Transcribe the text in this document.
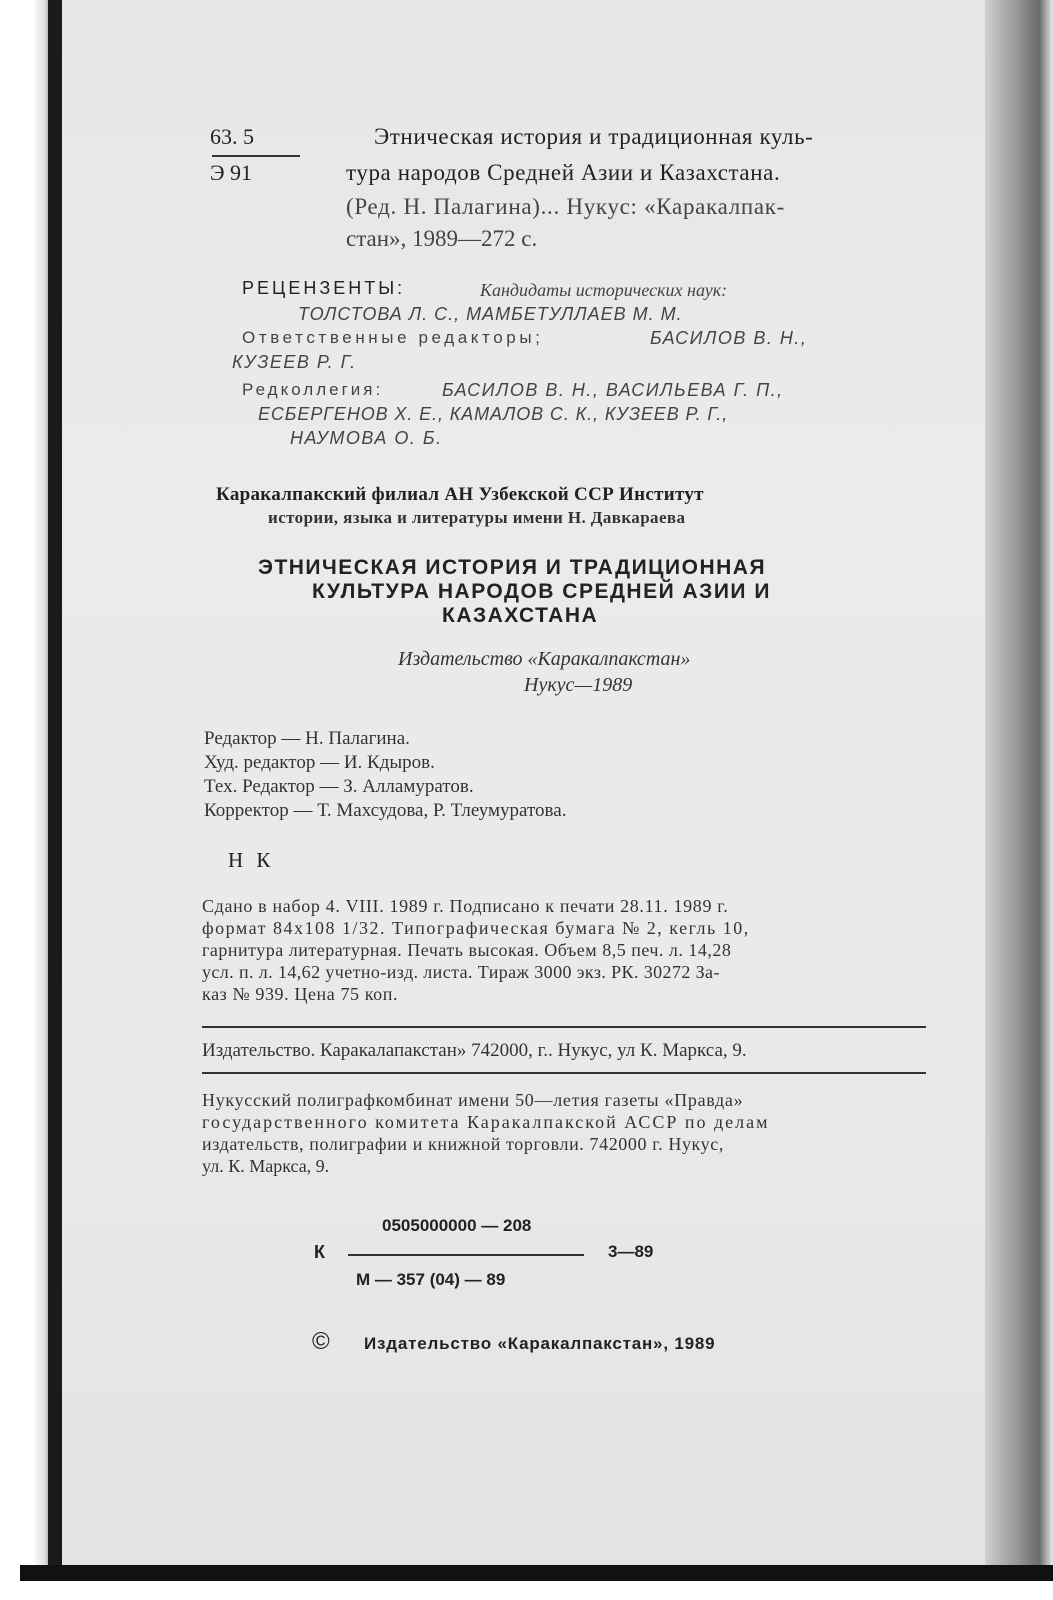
63. 5
Э 91
Этническая история и традиционная куль-
тура народов Средней Азии и Казахстана.
(Ред. Н. Палагина)... Нукус: «Каракалпак-
стан», 1989—272 с.
РЕЦЕНЗЕНТЫ:	Кандидаты исторических наук:
ТОЛСТОВА Л. С., МАМБЕТУЛЛАЕВ М. М.
Ответственные редакторы;	БАСИЛОВ В. Н.,
КУЗЕЕВ Р. Г.
Редколлегия:	БАСИЛОВ В. Н., ВАСИЛЬЕВА Г. П.,
ЕСБЕРГЕНОВ Х. Е., КАМАЛОВ С. К., КУЗЕЕВ Р. Г.,
НАУМОВА О. Б.
Каракалпакский филиал АН Узбекской ССР Институт
истории, языка и литературы имени Н. Давкараева
ЭТНИЧЕСКАЯ ИСТОРИЯ И ТРАДИЦИОННАЯ
КУЛЬТУРА НАРОДОВ СРЕДНЕЙ АЗИИ И
КАЗАХСТАНА
Издательство «Каракалпакстан»
Нукус—1989
Редактор — Н. Палагина.
Худ. редактор — И. Кдыров.
Тех. Редактор — З. Алламуратов.
Корректор — Т. Махсудова, Р. Тлеумуратова.
Н К
Сдано в набор 4. VIII. 1989 г. Подписано к печати 28.11. 1989 г.
формат 84х108 1/32. Типографическая бумага № 2, кегль 10,
гарнитура литературная. Печать высокая. Объем 8,5 печ. л. 14,28
усл. п. л. 14,62 учетно-изд. листа. Тираж 3000 экз. РК. 30272 За-
каз № 939. Цена 75 коп.
Издательство. Каракалапакстан» 742000, г.. Нукус, ул К. Маркса, 9.
Нукусский полиграфкомбинат имени 50—летия газеты «Правда»
государственного комитета Каракалпакской АССР по делам
издательств, полиграфии и книжной торговли. 742000 г. Нукус,
ул. К. Маркса, 9.
0505000000 — 208
К	3—89
М — 357 (04) — 89
© Издательство «Каракалпакстан», 1989
